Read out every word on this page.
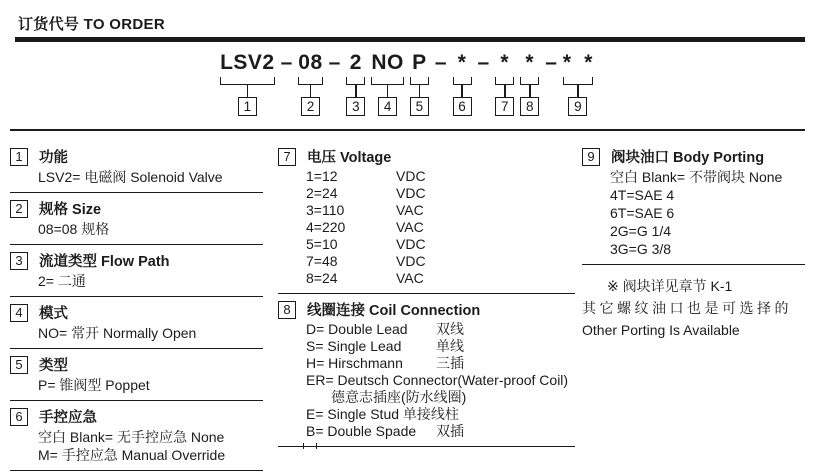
订货代号 TO ORDER
LSV2
1
– 08
2
– 2
3
NO
4
P
5
– *
6
– *
7
*
8
– *  *
9
1	功能
LSV2= 电磁阀 Solenoid Valve
2	规格 Size
08=08 规格
3	流道类型 Flow Path
2= 二通
4	模式
NO= 常开 Normally Open
5	类型
P= 锥阀型 Poppet
6	手控应急
空白 Blank= 无手控应急 None
M= 手控应急 Manual Override
7	电压 Voltage
1=12	VDC
2=24	VDC
3=110	VAC
4=220	VAC
5=10	VDC
7=48	VDC
8=24	VAC
8	线圈连接 Coil Connection
D= Double Lead 双线
S= Single Lead 单线
H= Hirschmann 三插
ER= Deutsch Connector(Water-proof Coil)
德意志插座(防水线圈)
E= Single Stud 单接线柱
B= Double Spade 双插
9	阀块油口 Body Porting
空白 Blank= 不带阀块 None
4T=SAE 4
6T=SAE 6
2G=G 1/4
3G=G 3/8
※ 阀块详见章节 K-1
其它螺纹油口也是可选择的
Other Porting Is Available
